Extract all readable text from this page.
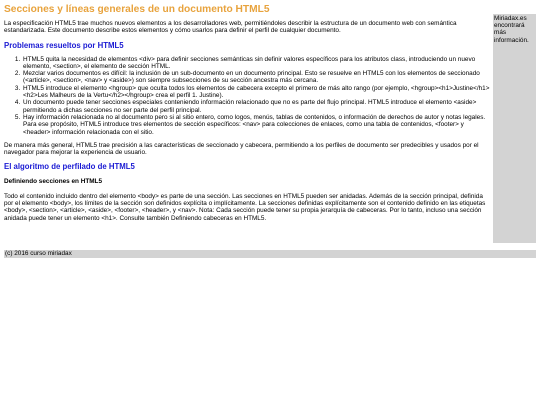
Secciones y líneas generales de un documento HTML5

La especificación HTML5 trae muchos nuevos elementos a los desarrolladores web, permitiéndoles describir la estructura de un documento web con semántica estandarizada. Este documento describe estos elementos y cómo usarlos para definir el perfil de cualquier documento.

Problemas resueltos por HTML5
1. HTML5 quita la necesidad de elementos <div> para definir secciones semánticas sin definir valores específicos para los atributos class, introduciendo un nuevo elemento, <section>, el elemento de sección HTML.
2. Mezclar varios documentos es difícil: la inclusión de un sub-documento en un documento principal. Esto se resuelve en HTML5 con los elementos de seccionado (<article>, <section>, <nav> y <aside>) son siempre subsecciones de su sección ancestra más cercana.
3. HTML5 introduce el elemento <hgroup> que oculta todos los elementos de cabecera excepto el primero de más alto rango (por ejemplo, <hgroup><h1>Justine</h1><h2>Les Malheurs de la Vertu</h2></hgroup> crea el perfil 1. Justine).
4. Un documento puede tener secciones especiales conteniendo información relacionado que no es parte del flujo principal. HTML5 introduce el elemento <aside> permitiendo a dichas secciones no ser parte del perfil principal.
5. Hay información relacionada no al documento pero si al sitio entero, como logos, menús, tablas de contenidos, o información de derechos de autor y notas legales. Para ese propósito, HTML5 introduce tres elementos de sección específicos: <nav> para colecciones de enlaces, como una tabla de contenidos, <footer> y <header> información relacionada con el sitio.

De manera más general, HTML5 trae precisión a las características de seccionado y cabecera, permitiendo a los perfiles de documento ser predecibles y usados por el navegador para mejorar la experiencia de usuario.

El algoritmo de perfilado de HTML5
Definiendo secciones en HTML5

Todo el contenido incluido dentro del elemento <body> es parte de una sección. Las secciones en HTML5 pueden ser anidadas. Además de la sección principal, definida por el elemento <body>, los límites de la sección son definidos explícita o implícitamente. La secciones definidas explícitamente son el contenido definido en las etiquetas <body>, <section>, <article>, <aside>, <footer>, <header>, y <nav>. Nota: Cada sección puede tener su propia jerarquía de cabeceras. Por lo tanto, incluso una sección anidada puede tener un elemento <h1>. Consulte también Definiendo cabeceras en HTML5.

Miriadax.es encontrará más información.
(c) 2016 curso miriadax
